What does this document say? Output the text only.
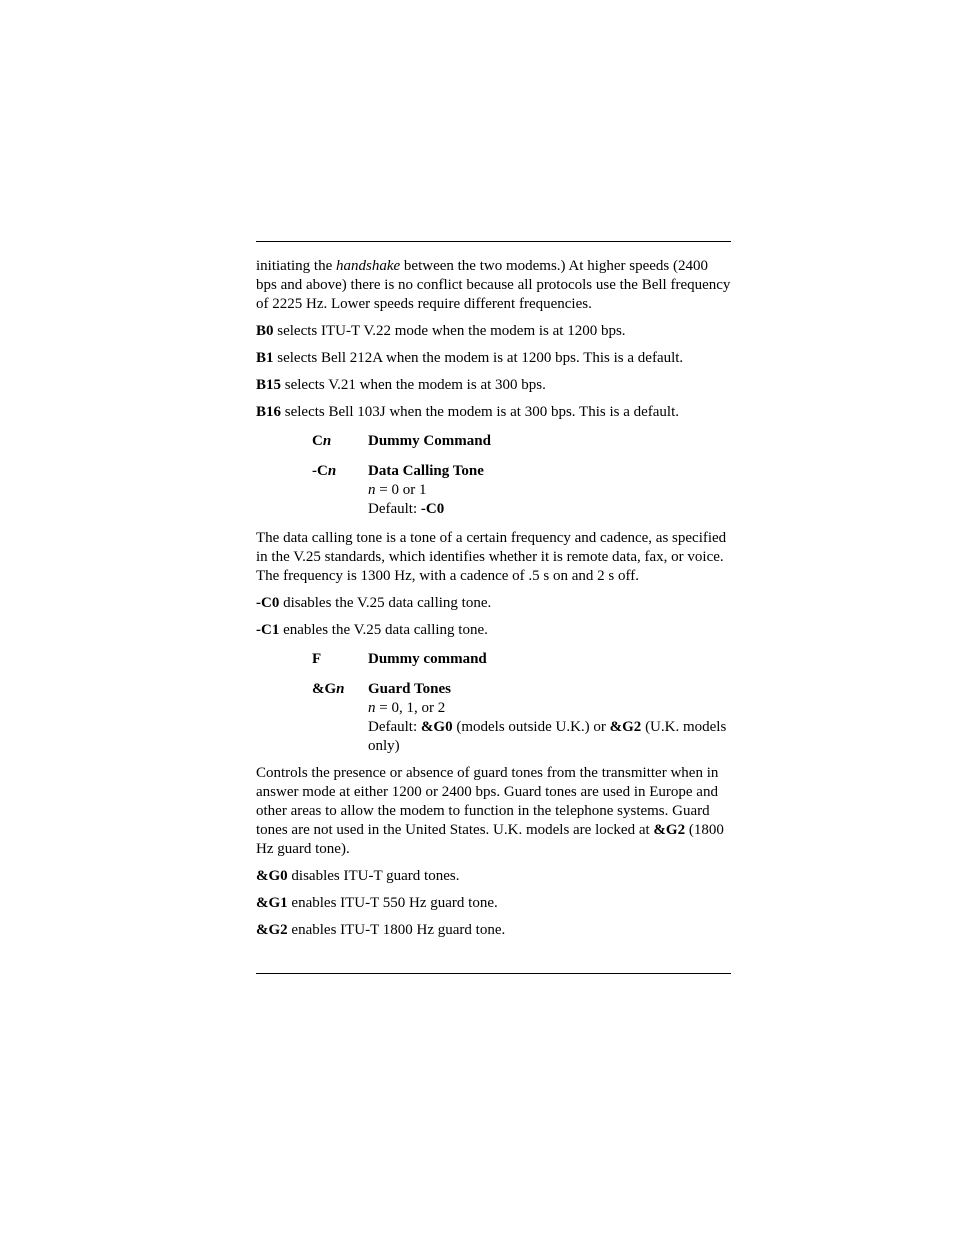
initiating the handshake between the two modems.) At higher speeds (2400 bps and above) there is no conflict because all protocols use the Bell frequency of 2225 Hz. Lower speeds require different frequencies.

B0 selects ITU-T V.22 mode when the modem is at 1200 bps.

B1 selects Bell 212A when the modem is at 1200 bps. This is a default.

B15 selects V.21 when the modem is at 300 bps.

B16 selects Bell 103J when the modem is at 300 bps. This is a default.

Cn	Dummy Command
-Cn	Data Calling Tone
n = 0 or 1
Default: -C0

The data calling tone is a tone of a certain frequency and cadence, as specified in the V.25 standards, which identifies whether it is remote data, fax, or voice. The frequency is 1300 Hz, with a cadence of .5 s on and 2 s off.

-C0 disables the V.25 data calling tone.

-C1 enables the V.25 data calling tone.

F	Dummy command
&Gn	Guard Tones
n = 0, 1, or 2
Default: &G0 (models outside U.K.) or &G2 (U.K. models only)

Controls the presence or absence of guard tones from the transmitter when in answer mode at either 1200 or 2400 bps. Guard tones are used in Europe and other areas to allow the modem to function in the telephone systems. Guard tones are not used in the United States. U.K. models are locked at &G2 (1800 Hz guard tone).

&G0 disables ITU-T guard tones.

&G1 enables ITU-T 550 Hz guard tone.

&G2 enables ITU-T 1800 Hz guard tone.
